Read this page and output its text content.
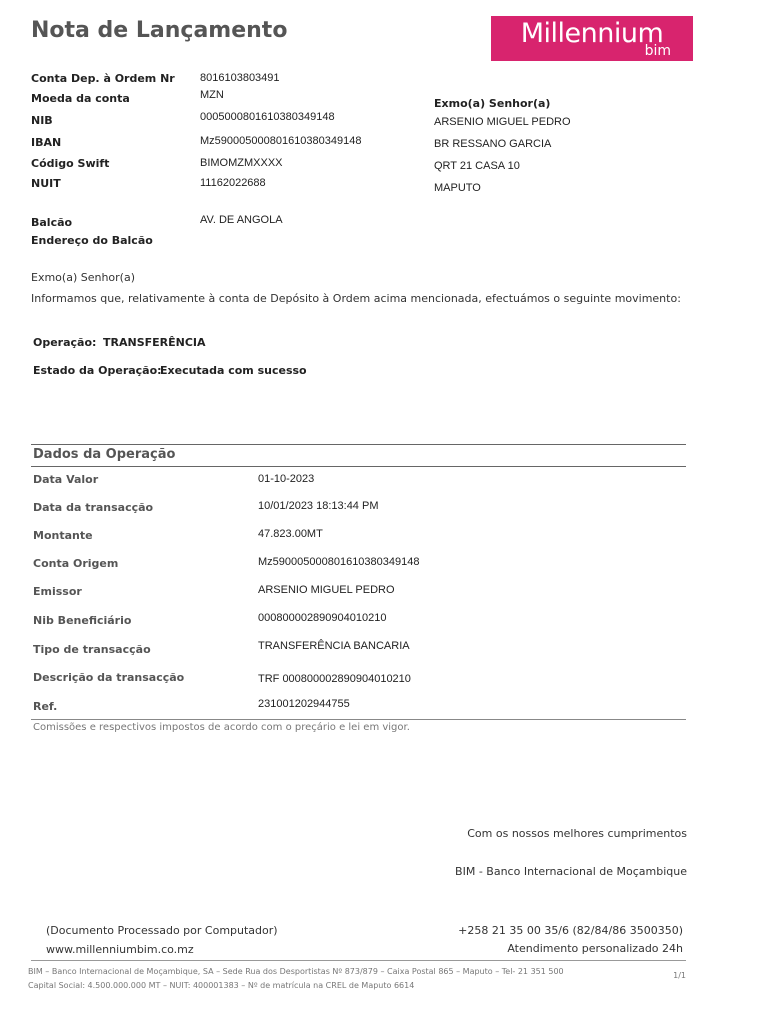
Nota de Lançamento	Millennium
bim
Conta Dep. à Ordem Nr 8016103803491
Moeda da conta	MZN
NIB	000500080161038034914​8
IBAN	Mz59000500080161038034914​8
Código Swift	BIMOMZMXXXX
NUIT	11162022688
Balcão	AV. DE ANGOLA
Endereço do Balcão
Exmo(a) Senhor(a)
ARSENIO MIGUEL PEDRO
BR RESSANO GARCIA
QRT 21 CASA 10
MAPUTO
Exmo(a) Senhor(a)
Informamos que, relativamente à conta de Depósito à Ordem acima mencionada, efectuámos o seguinte movimento:
Operação: TRANSFERÊNCIA
Estado da Operação:
Executada com sucesso
Dados da Operação
Data Valor	01-10-2023
Data da transacção	10/01/2023 18:13:44 PM
Montante	47.823.00MT
Conta Origem	Mz59000500080161038034914​8
Emissor	ARSENIO MIGUEL PEDRO
Nib Beneficiário	000800002890904010210
Tipo de transacção	TRANSFERÊNCIA BANCARIA
Descrição da transacção	TRF 000800002890904010210
Ref.	231001202944755
Comissões e respectivos impostos de acordo com o preçário e lei em vigor.
Com os nossos melhores cumprimentos
BIM - Banco Internacional de Moçambique
(Documento Processado por Computador)
www.millenniumbim.co.mz
+258 21 35 00 35/6 (82/84/86 3500350)
Atendimento personalizado 24h
BIM – Banco Internacional de Moçambique, SA – Sede Rua dos Desportistas Nº 873/879 – Caixa Postal 865 – Maputo – Tel- 21 351 500
Capital Social: 4.500.000.000 MT – NUIT: 400001383 – Nº de matrícula na CREL de Maputo 6614
1/1
